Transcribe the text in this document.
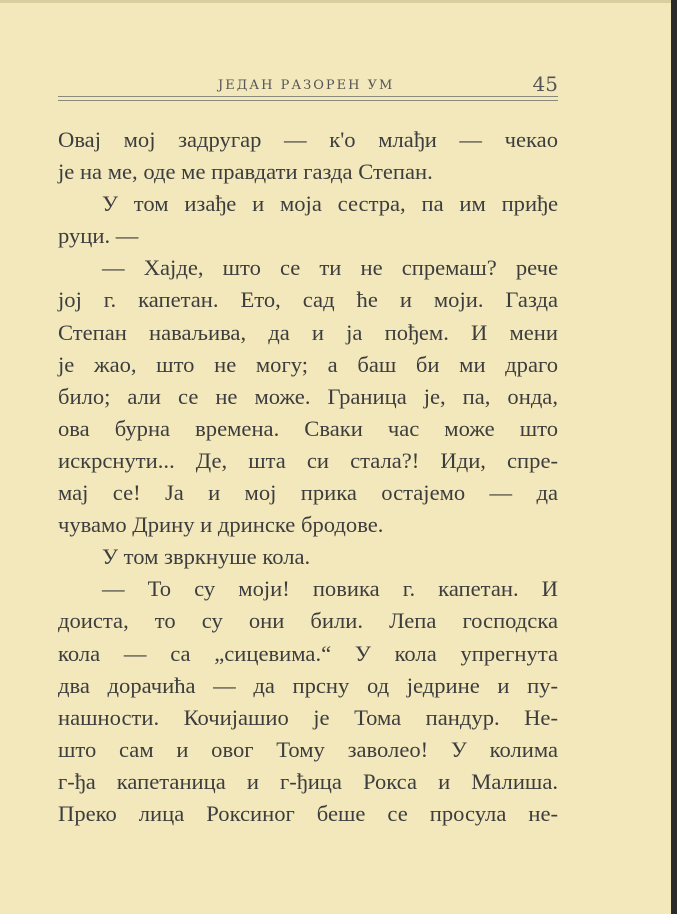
ЈЕДАН РАЗОРЕН УМ	45
Овај мој задругар — к'о млађи — чекао
је на ме, оде ме правдати газда Степан.
У том изађе и моја сестра, па им приђе
руци. —
— Хајде, што се ти не спремаш? рече
јој г. капетан. Ето, сад ће и моји. Газда
Степан наваљива, да и ја пођем. И мени
је жао, што не могу; а баш би ми драго
било; али се не може. Граница је, па, онда,
ова бурна времена. Сваки час може што
искрснути... Де, шта си стала?! Иди, спре-
мај се! Ја и мој прика остајемо — да
чувамо Дрину и дринске бродове.
У том звркнуше кола.
— То су моји! повика г. капетан. И
доиста, то су они били. Лепа господска
кола — са „сицевима.“ У кола упрегнута
два дорачића — да прсну од једрине и пу-
нашности. Кочијашио је Тома пандур. Не-
што сам и овог Тому заволео! У колима
г-ђа капетаница и г-ђица Рокса и Малиша.
Преко лица Роксиног беше се просула не-
